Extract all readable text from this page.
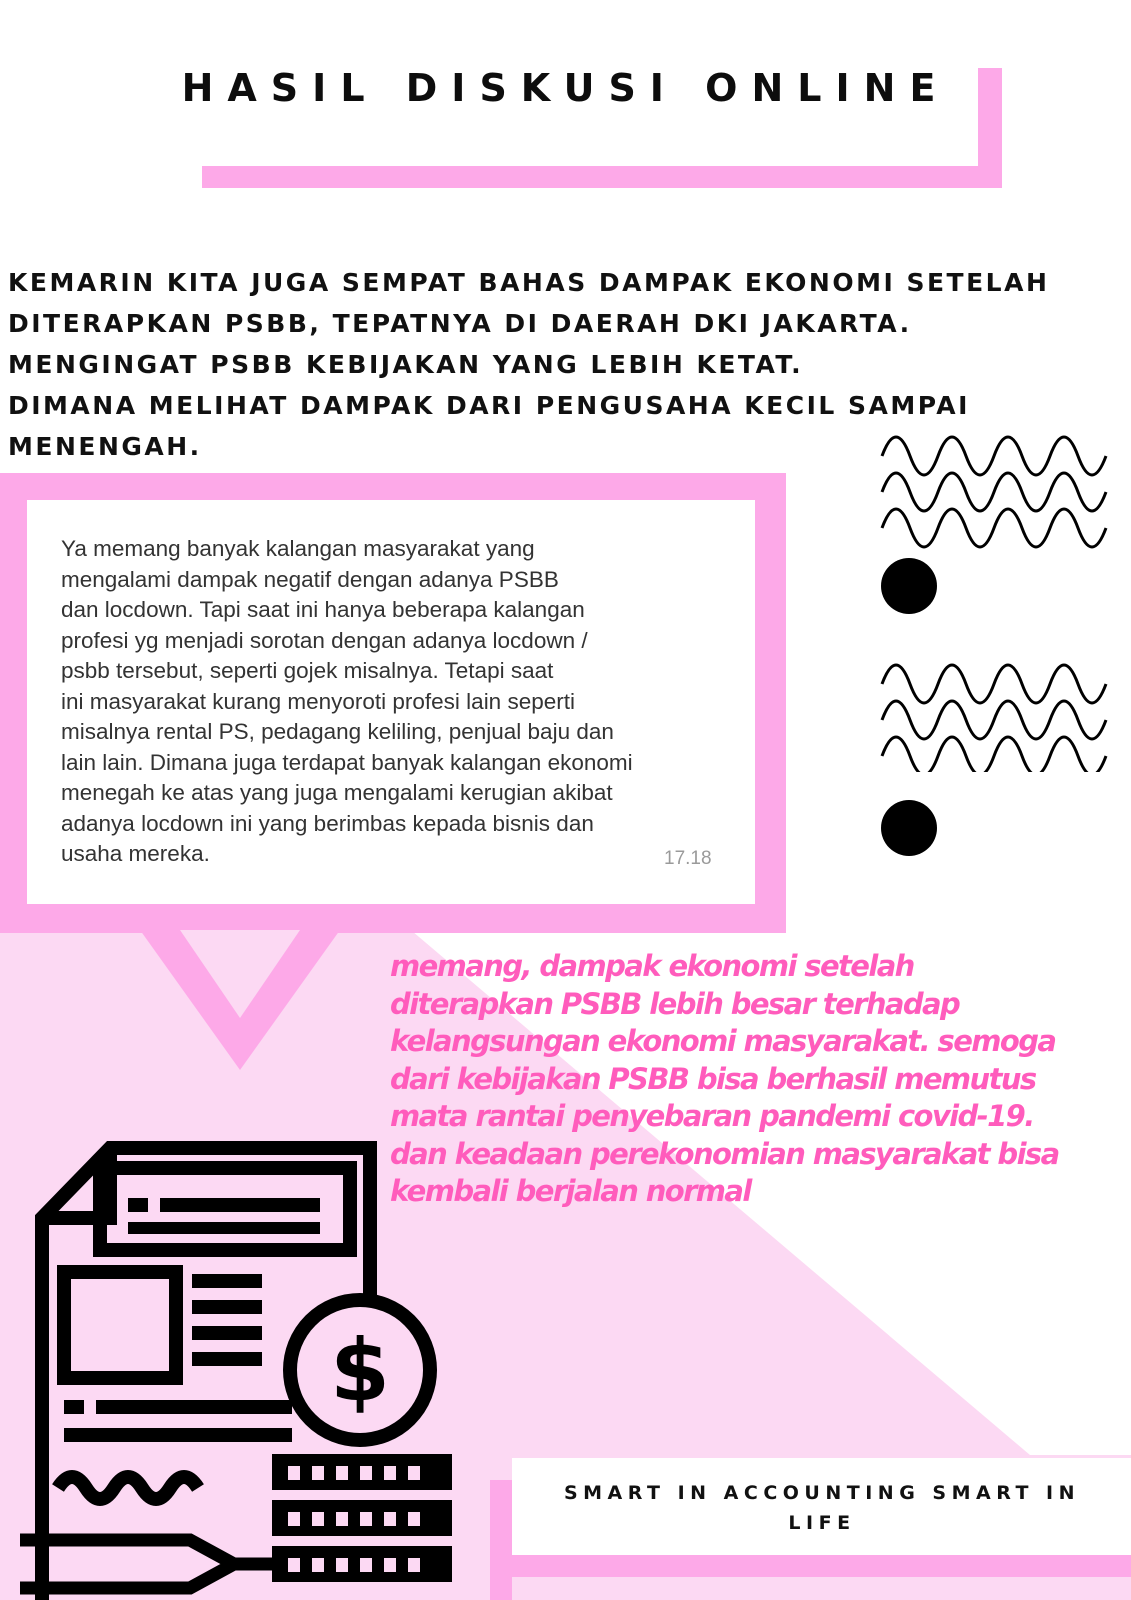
HASIL DISKUSI ONLINE
KEMARIN KITA JUGA SEMPAT BAHAS DAMPAK EKONOMI SETELAH
DITERAPKAN PSBB, TEPATNYA DI DAERAH DKI JAKARTA.
MENGINGAT PSBB KEBIJAKAN YANG LEBIH KETAT.
DIMANA MELIHAT DAMPAK DARI PENGUSAHA KECIL SAMPAI
MENENGAH.
Ya memang banyak kalangan masyarakat yang
mengalami dampak negatif dengan adanya PSBB
dan locdown. Tapi saat ini hanya beberapa kalangan
profesi yg menjadi sorotan dengan adanya locdown /
psbb tersebut, seperti gojek misalnya. Tetapi saat
ini masyarakat kurang menyoroti profesi lain seperti
misalnya rental PS, pedagang keliling, penjual baju dan
lain lain. Dimana juga terdapat banyak kalangan ekonomi
menegah ke atas yang juga mengalami kerugian akibat
adanya locdown ini yang berimbas kepada bisnis dan
usaha mereka.	17.18
memang, dampak ekonomi setelah
diterapkan PSBB lebih besar terhadap
kelangsungan ekonomi masyarakat. semoga
dari kebijakan PSBB bisa berhasil memutus
mata rantai penyebaran pandemi covid-19.
dan keadaan perekonomian masyarakat bisa
kembali berjalan normal
$
SMART IN ACCOUNTING SMART IN
LIFE
